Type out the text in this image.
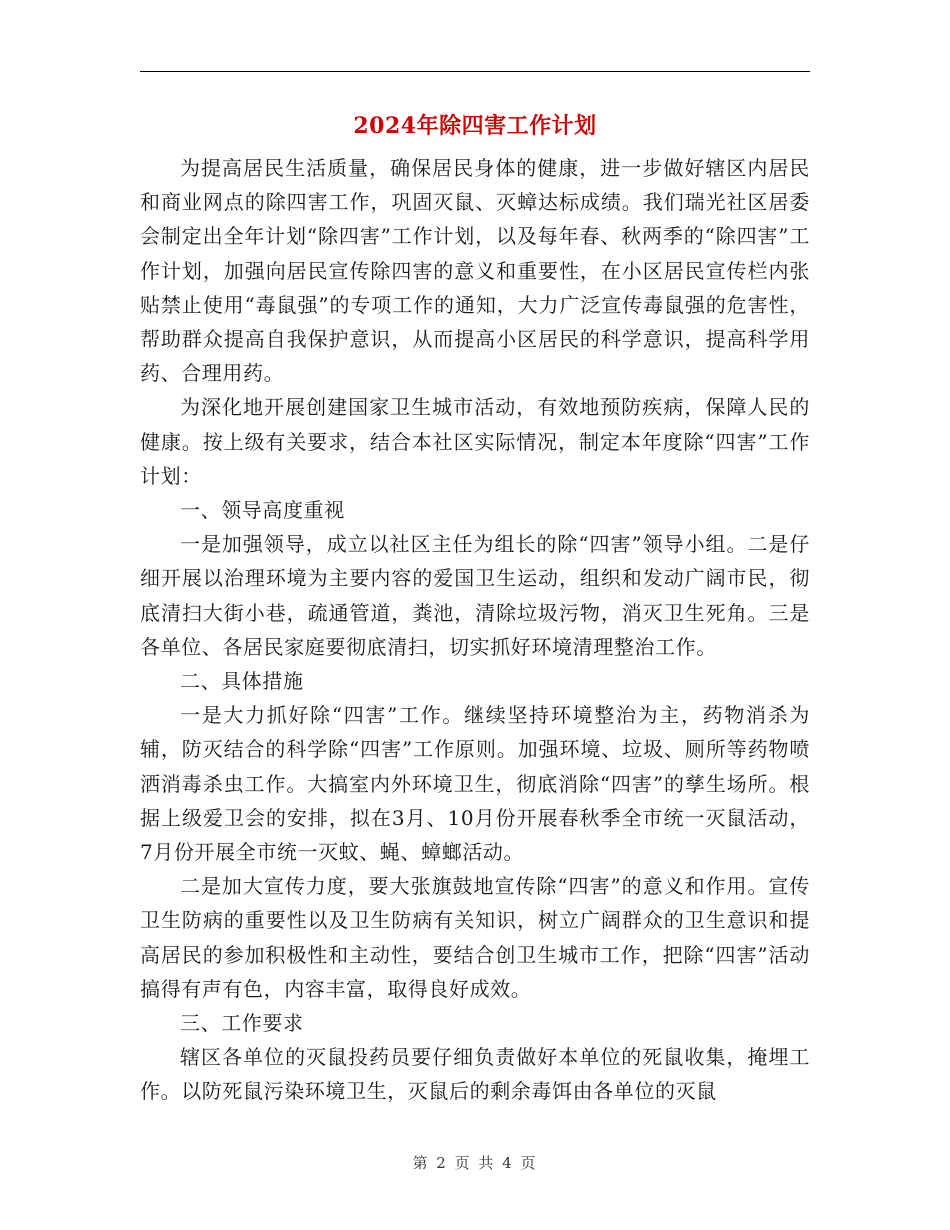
2024年除四害工作计划

为提高居民生活质量，确保居民身体的健康，进一步做好辖区内居民和商业网点的除四害工作，巩固灭鼠、灭蟑达标成绩。我们瑞光社区居委会制定出全年计划“除四害”工作计划，以及每年春、秋两季的“除四害”工作计划，加强向居民宣传除四害的意义和重要性，在小区居民宣传栏内张贴禁止使用“毒鼠强”的专项工作的通知，大力广泛宣传毒鼠强的危害性，帮助群众提高自我保护意识，从而提高小区居民的科学意识，提高科学用药、合理用药。

为深化地开展创建国家卫生城市活动，有效地预防疾病，保障人民的健康。按上级有关要求，结合本社区实际情况，制定本年度除“四害”工作计划：

一、领导高度重视

一是加强领导，成立以社区主任为组长的除“四害”领导小组。二是仔细开展以治理环境为主要内容的爱国卫生运动，组织和发动广阔市民，彻底清扫大街小巷，疏通管道，粪池，清除垃圾污物，消灭卫生死角。三是各单位、各居民家庭要彻底清扫，切实抓好环境清理整治工作。

二、具体措施

一是大力抓好除“四害”工作。继续坚持环境整治为主，药物消杀为辅，防灭结合的科学除“四害”工作原则。加强环境、垃圾、厕所等药物喷洒消毒杀虫工作。大搞室内外环境卫生，彻底消除“四害”的孳生场所。根据上级爱卫会的安排，拟在3月、10月份开展春秋季全市统一灭鼠活动，7月份开展全市统一灭蚊、蝇、蟑螂活动。

二是加大宣传力度，要大张旗鼓地宣传除“四害”的意义和作用。宣传卫生防病的重要性以及卫生防病有关知识，树立广阔群众的卫生意识和提高居民的参加积极性和主动性，要结合创卫生城市工作，把除“四害”活动搞得有声有色，内容丰富，取得良好成效。

三、工作要求

辖区各单位的灭鼠投药员要仔细负责做好本单位的死鼠收集，掩埋工作。以防死鼠污染环境卫生，灭鼠后的剩余毒饵由各单位的灭鼠

第 2 页 共 4 页
